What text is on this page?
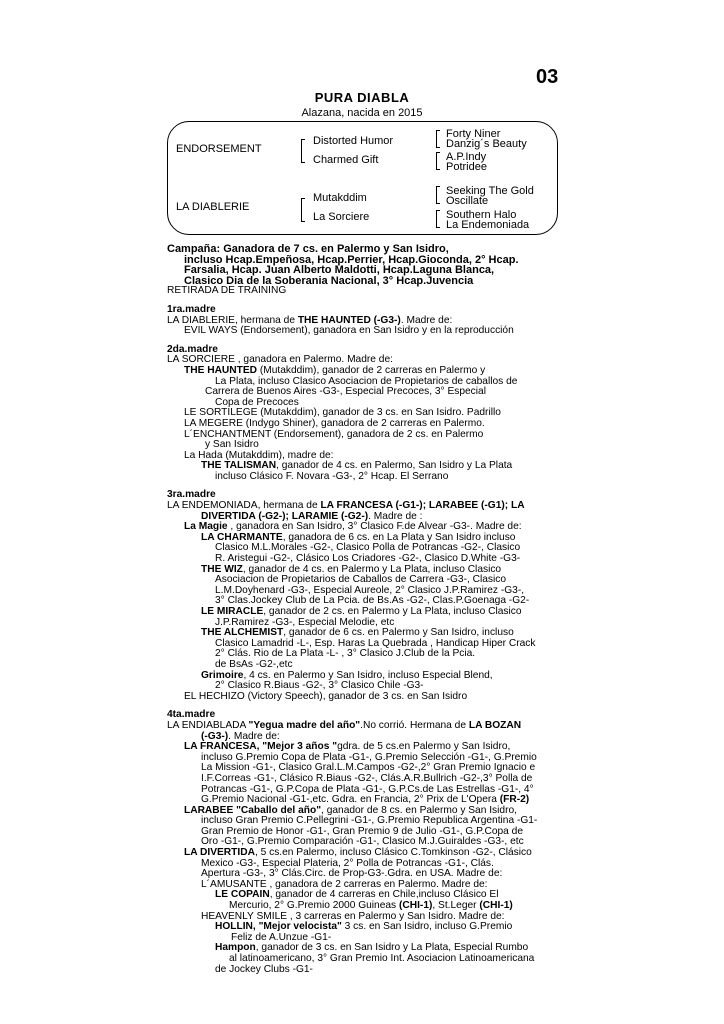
03
PURA DIABLA
Alazana, nacida en 2015
ENDORSEMENT
LA DIABLERIE
Distorted Humor
Charmed Gift
Mutakddim
La Sorciere
Forty Niner
Danzig´s Beauty
A.P.Indy
Potridee
Seeking The Gold
Oscillate
Southern Halo
La Endemoniada
Campaña: Ganadora de 7 cs. en Palermo y San Isidro,
incluso Hcap.Empeñosa, Hcap.Perrier, Hcap.Gioconda, 2° Hcap.
Farsalia, Hcap. Juan Alberto Maldotti, Hcap.Laguna Blanca,
Clasico Dia de la Soberania Nacional, 3° Hcap.Juvencia
RETIRADA DE TRAINING
1ra.madre
LA DIABLERIE, hermana de THE HAUNTED (-G3-). Madre de:
EVIL WAYS (Endorsement), ganadora en San Isidro y en la reproducción
2da.madre
LA SORCIERE , ganadora en Palermo. Madre de:
THE HAUNTED (Mutakddim), ganador de 2 carreras en Palermo y
La Plata, incluso Clasico Asociacion de Propietarios de caballos de
Carrera de Buenos Aires -G3-, Especial Precoces, 3° Especial
Copa de Precoces
LE SORTILEGE (Mutakddim), ganador de 3 cs. en San Isidro. Padrillo
LA MEGERE (Indygo Shiner), ganadora de 2 carreras en Palermo.
L´ENCHANTMENT (Endorsement), ganadora de 2 cs. en Palermo
y San Isidro
La Hada (Mutakddim), madre de:
THE TALISMAN, ganador de 4 cs. en Palermo, San Isidro y La Plata
incluso Clásico F. Novara -G3-, 2° Hcap. El Serrano
3ra.madre
LA ENDEMONIADA, hermana de LA FRANCESA (-G1-); LARABEE (-G1); LA
DIVERTIDA (-G2-); LARAMIE (-G2-). Madre de :
La Magie , ganadora en San Isidro, 3° Clasico F.de Alvear -G3-. Madre de:
LA CHARMANTE, ganadora de 6 cs. en La Plata y San Isidro incluso
Clasico M.L.Morales -G2-, Clasico Polla de Potrancas -G2-, Clasico
R. Aristegui -G2-, Clásico Los Criadores -G2-, Clasico D.White -G3-
THE WIZ, ganador de 4 cs. en Palermo y La Plata, incluso Clasico
Asociacion de Propietarios de Caballos de Carrera -G3-, Clasico
L.M.Doyhenard -G3-, Especial Aureole, 2° Clasico J.P.Ramirez -G3-,
3° Clas.Jockey Club de La Pcia. de Bs.As -G2-, Clas.P.Goenaga -G2-
LE MIRACLE, ganador de 2 cs. en Palermo y La Plata, incluso Clasico
J.P.Ramirez -G3-, Especial Melodie, etc
THE ALCHEMIST, ganador de 6 cs. en Palermo y San Isidro, incluso
Clasico Lamadrid -L-, Esp. Haras La Quebrada , Handicap Hiper Crack
2° Clás. Rio de La Plata -L- , 3° Clasico J.Club de la Pcia.
de BsAs -G2-,etc
Grimoire, 4 cs. en Palermo y San Isidro, incluso Especial Blend,
2° Clasico R.Biaus -G2-, 3° Clasico Chile -G3-
EL HECHIZO (Victory Speech), ganador de 3 cs. en San Isidro
4ta.madre
LA ENDIABLADA "Yegua madre del año".No corrió. Hermana de LA BOZAN
(-G3-). Madre de:
LA FRANCESA, "Mejor 3 años "gdra. de 5 cs.en Palermo y San Isidro,
incluso G.Premio Copa de Plata -G1-, G.Premio Selección -G1-, G.Premio
La Mission -G1-, Clasico Gral.L.M.Campos -G2-,2° Gran Premio Ignacio e
I.F.Correas -G1-, Clásico R.Biaus -G2-, Clás.A.R.Bullrich -G2-,3° Polla de
Potrancas -G1-, G.P.Copa de Plata -G1-, G.P.Cs.de Las Estrellas -G1-, 4°
G.Premio Nacional -G1-,etc. Gdra. en Francia, 2° Prix de L'Opera (FR-2)
LARABEE "Caballo del año", ganador de 8 cs. en Palermo y San Isidro,
incluso Gran Premio C.Pellegrini -G1-, G.Premio Republica Argentina -G1-
Gran Premio de Honor -G1-, Gran Premio 9 de Julio -G1-, G.P.Copa de
Oro -G1-, G.Premio Comparación -G1-, Clasico M.J.Guiraldes -G3-, etc
LA DIVERTIDA, 5 cs.en Palermo, incluso Clásico C.Tomkinson -G2-, Clásico
Mexico -G3-, Especial Plateria, 2° Polla de Potrancas -G1-, Clás.
Apertura -G3-, 3° Clás.Circ. de Prop-G3-.Gdra. en USA. Madre de:
L´AMUSANTE , ganadora de 2 carreras en Palermo. Madre de:
LE COPAIN, ganador de 4 carreras en Chile,incluso Clásico El
Mercurio, 2° G.Premio 2000 Guineas (CHI-1), St.Leger (CHI-1)
HEAVENLY SMILE , 3 carreras en Palermo y San Isidro. Madre de:
HOLLIN, "Mejor velocista" 3 cs. en San Isidro, incluso G.Premio
Feliz de A.Unzue -G1-
Hampon, ganador de 3 cs. en San Isidro y La Plata, Especial Rumbo
al latinoamericano, 3° Gran Premio Int. Asociacion Latinoamericana
de Jockey Clubs -G1-
